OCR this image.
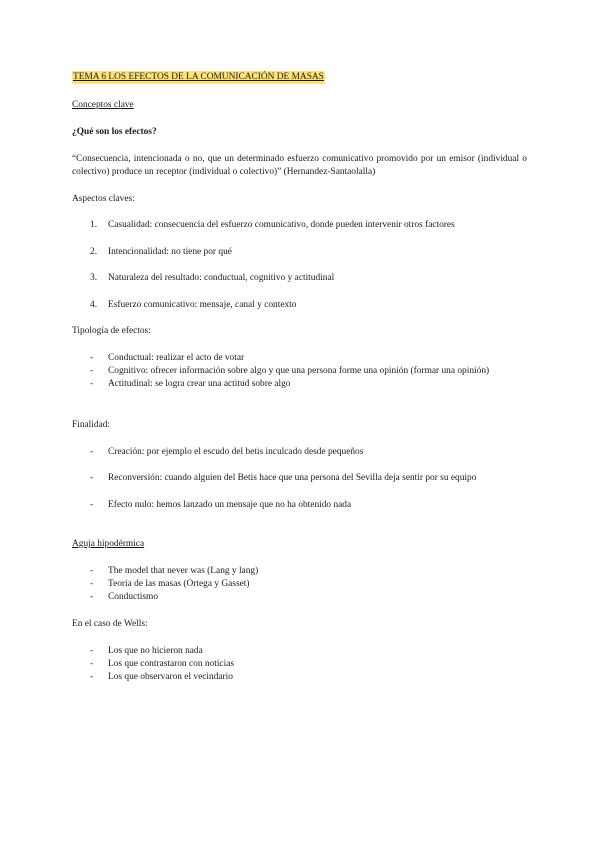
TEMA 6 LOS EFECTOS DE LA COMUNICACIÓN DE MASAS
Conceptos clave
¿Qué son los efectos?
“Consecuencia, intencionada o no, que un determinado esfuerzo comunicativo promovido por un emisor (individual o colectivo) produce un receptor (individual o colectivo)” (Hernandez-Santaolalla)
Aspectos claves:
1. Casualidad: consecuencia del esfuerzo comunicativo, donde pueden intervenir otros factores
2. Intencionalidad: no tiene por qué
3. Naturaleza del resultado: conductual, cognitivo y actitudinal
4. Esfuerzo comunicativo: mensaje, canal y contexto
Tipología de efectos:
- Conductual: realizar el acto de votar
- Cognitivo: ofrecer información sobre algo y que una persona forme una opinión (formar una opinión)
- Actitudinal: se logra crear una actitud sobre algo
Finalidad:
- Creación: por ejemplo el escudo del betis inculcado desde pequeños
- Reconversión: cuando alguien del Betis hace que una persona del Sevilla deja sentir por su equipo
- Efecto nulo: hemos lanzado un mensaje que no ha obtenido nada
Aguja hipodérmica
- The model that never was (Lang y lang)
- Teoría de las masas (Ortega y Gasset)
- Conductismo
En el caso de Wells:
- Los que no hicieron nada
- Los que contrastaron con noticias
- Los que observaron el vecindario
